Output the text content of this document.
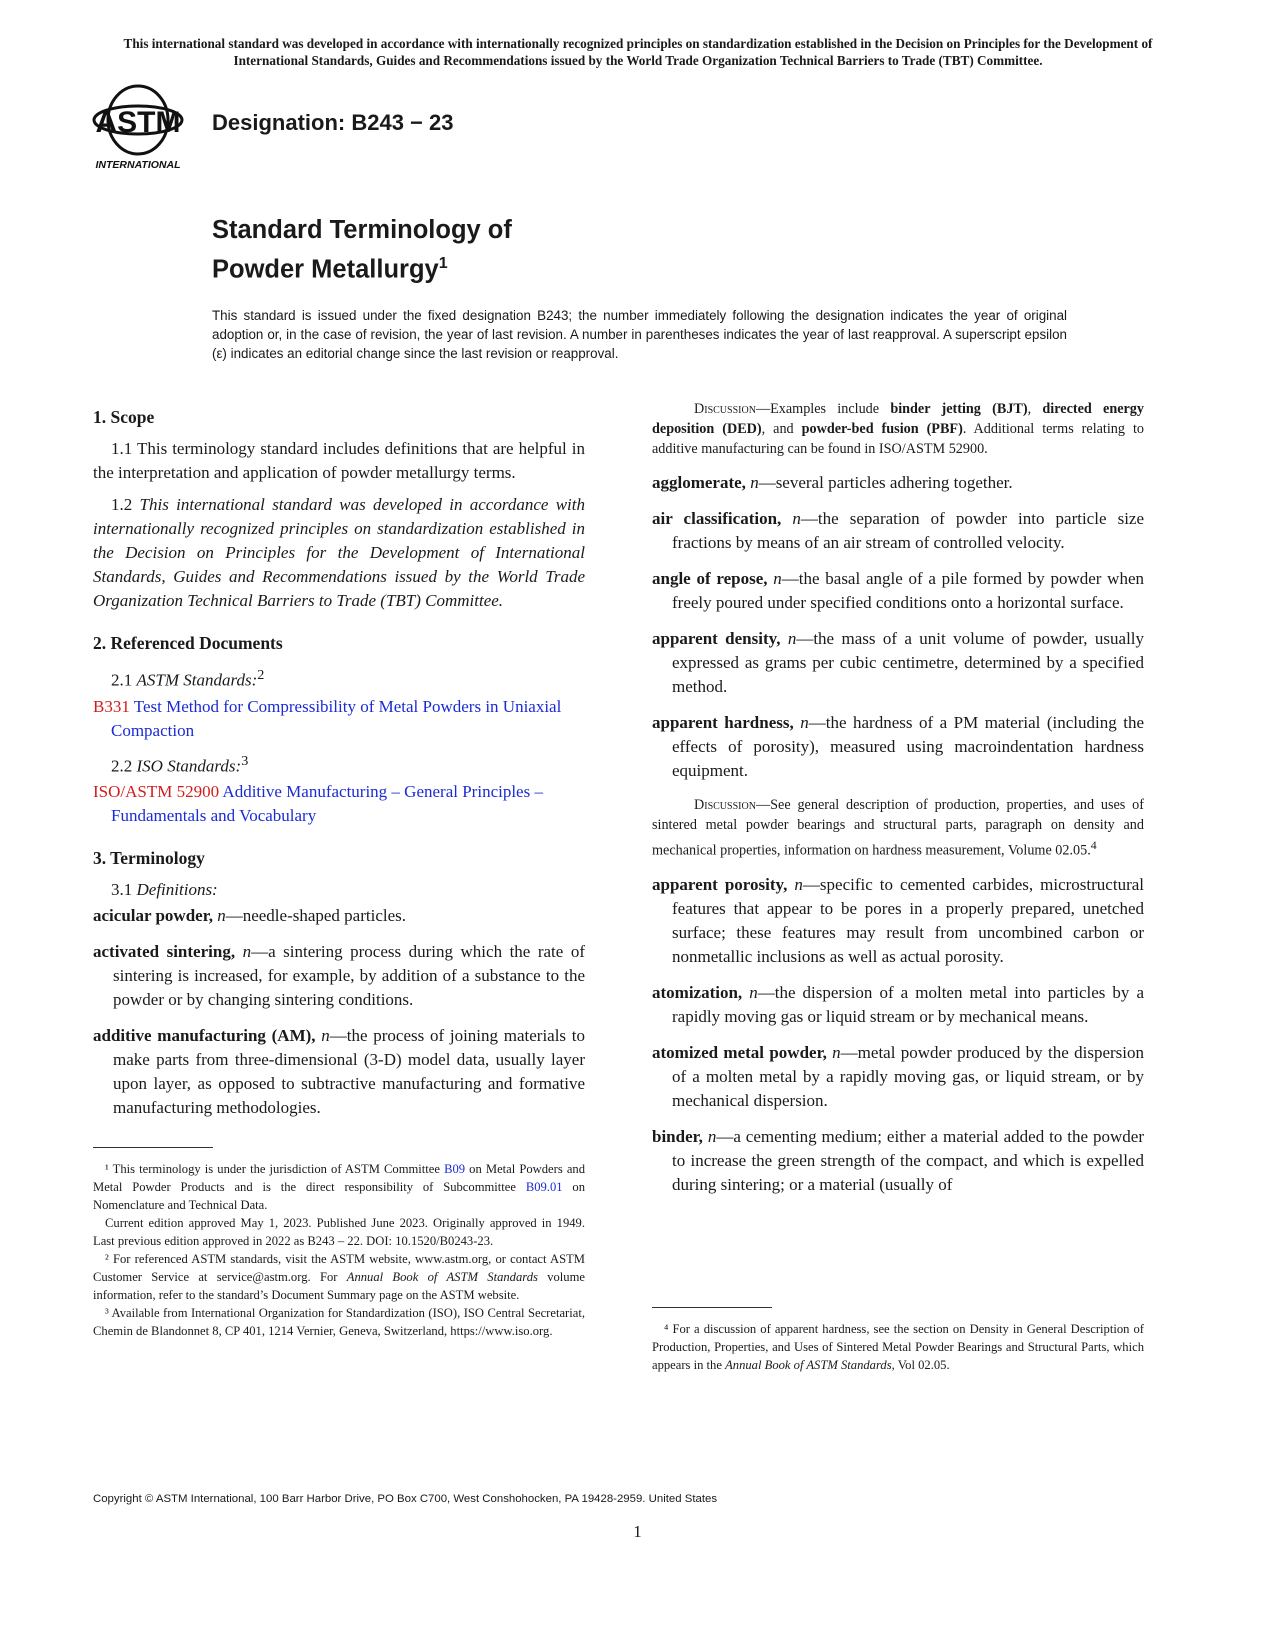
This international standard was developed in accordance with internationally recognized principles on standardization established in the Decision on Principles for the Development of International Standards, Guides and Recommendations issued by the World Trade Organization Technical Barriers to Trade (TBT) Committee.
ASTM
INTERNATIONAL
Designation: B243 − 23
Standard Terminology of
Powder Metallurgy$^1$
This standard is issued under the fixed designation B243; the number immediately following the designation indicates the year of original adoption or, in the case of revision, the year of last revision. A number in parentheses indicates the year of last reapproval. A superscript epsilon (ε) indicates an editorial change since the last revision or reapproval.
1. Scope

1.1 This terminology standard includes definitions that are helpful in the interpretation and application of powder metallurgy terms.

1.2 This international standard was developed in accordance with internationally recognized principles on standardization established in the Decision on Principles for the Development of International Standards, Guides and Recommendations issued by the World Trade Organization Technical Barriers to Trade (TBT) Committee.

2. Referenced Documents

2.1 ASTM Standards:$^2$

B331 Test Method for Compressibility of Metal Powders in Uniaxial Compaction

2.2 ISO Standards:$^3$

ISO/ASTM 52900 Additive Manufacturing – General Principles – Fundamentals and Vocabulary

3. Terminology

3.1 Definitions:

acicular powder, n—needle-shaped particles.

activated sintering, n—a sintering process during which the rate of sintering is increased, for example, by addition of a substance to the powder or by changing sintering conditions.

additive manufacturing (AM), n—the process of joining materials to make parts from three-dimensional (3-D) model data, usually layer upon layer, as opposed to subtractive manufacturing and formative manufacturing methodologies.

¹ This terminology is under the jurisdiction of ASTM Committee B09 on Metal Powders and Metal Powder Products and is the direct responsibility of Subcommittee B09.01 on Nomenclature and Technical Data.

Current edition approved May 1, 2023. Published June 2023. Originally approved in 1949. Last previous edition approved in 2022 as B243 – 22. DOI: 10.1520/B0243-23.

² For referenced ASTM standards, visit the ASTM website, www.astm.org, or contact ASTM Customer Service at service@astm.org. For Annual Book of ASTM Standards volume information, refer to the standard’s Document Summary page on the ASTM website.

³ Available from International Organization for Standardization (ISO), ISO Central Secretariat, Chemin de Blandonnet 8, CP 401, 1214 Vernier, Geneva, Switzerland, https://www.iso.org.

Discussion—Examples include binder jetting (BJT), directed energy deposition (DED), and powder-bed fusion (PBF). Additional terms relating to additive manufacturing can be found in ISO/ASTM 52900.

agglomerate, n—several particles adhering together.

air classification, n—the separation of powder into particle size fractions by means of an air stream of controlled velocity.

angle of repose, n—the basal angle of a pile formed by powder when freely poured under specified conditions onto a horizontal surface.

apparent density, n—the mass of a unit volume of powder, usually expressed as grams per cubic centimetre, determined by a specified method.

apparent hardness, n—the hardness of a PM material (including the effects of porosity), measured using macroindentation hardness equipment.

Discussion—See general description of production, properties, and uses of sintered metal powder bearings and structural parts, paragraph on density and mechanical properties, information on hardness measurement, Volume 02.05.$^4$

apparent porosity, n—specific to cemented carbides, microstructural features that appear to be pores in a properly prepared, unetched surface; these features may result from uncombined carbon or nonmetallic inclusions as well as actual porosity.

atomization, n—the dispersion of a molten metal into particles by a rapidly moving gas or liquid stream or by mechanical means.

atomized metal powder, n—metal powder produced by the dispersion of a molten metal by a rapidly moving gas, or liquid stream, or by mechanical dispersion.

binder, n—a cementing medium; either a material added to the powder to increase the green strength of the compact, and which is expelled during sintering; or a material (usually of

⁴ For a discussion of apparent hardness, see the section on Density in General Description of Production, Properties, and Uses of Sintered Metal Powder Bearings and Structural Parts, which appears in the Annual Book of ASTM Standards, Vol 02.05.

Copyright © ASTM International, 100 Barr Harbor Drive, PO Box C700, West Conshohocken, PA 19428-2959. United States
1
